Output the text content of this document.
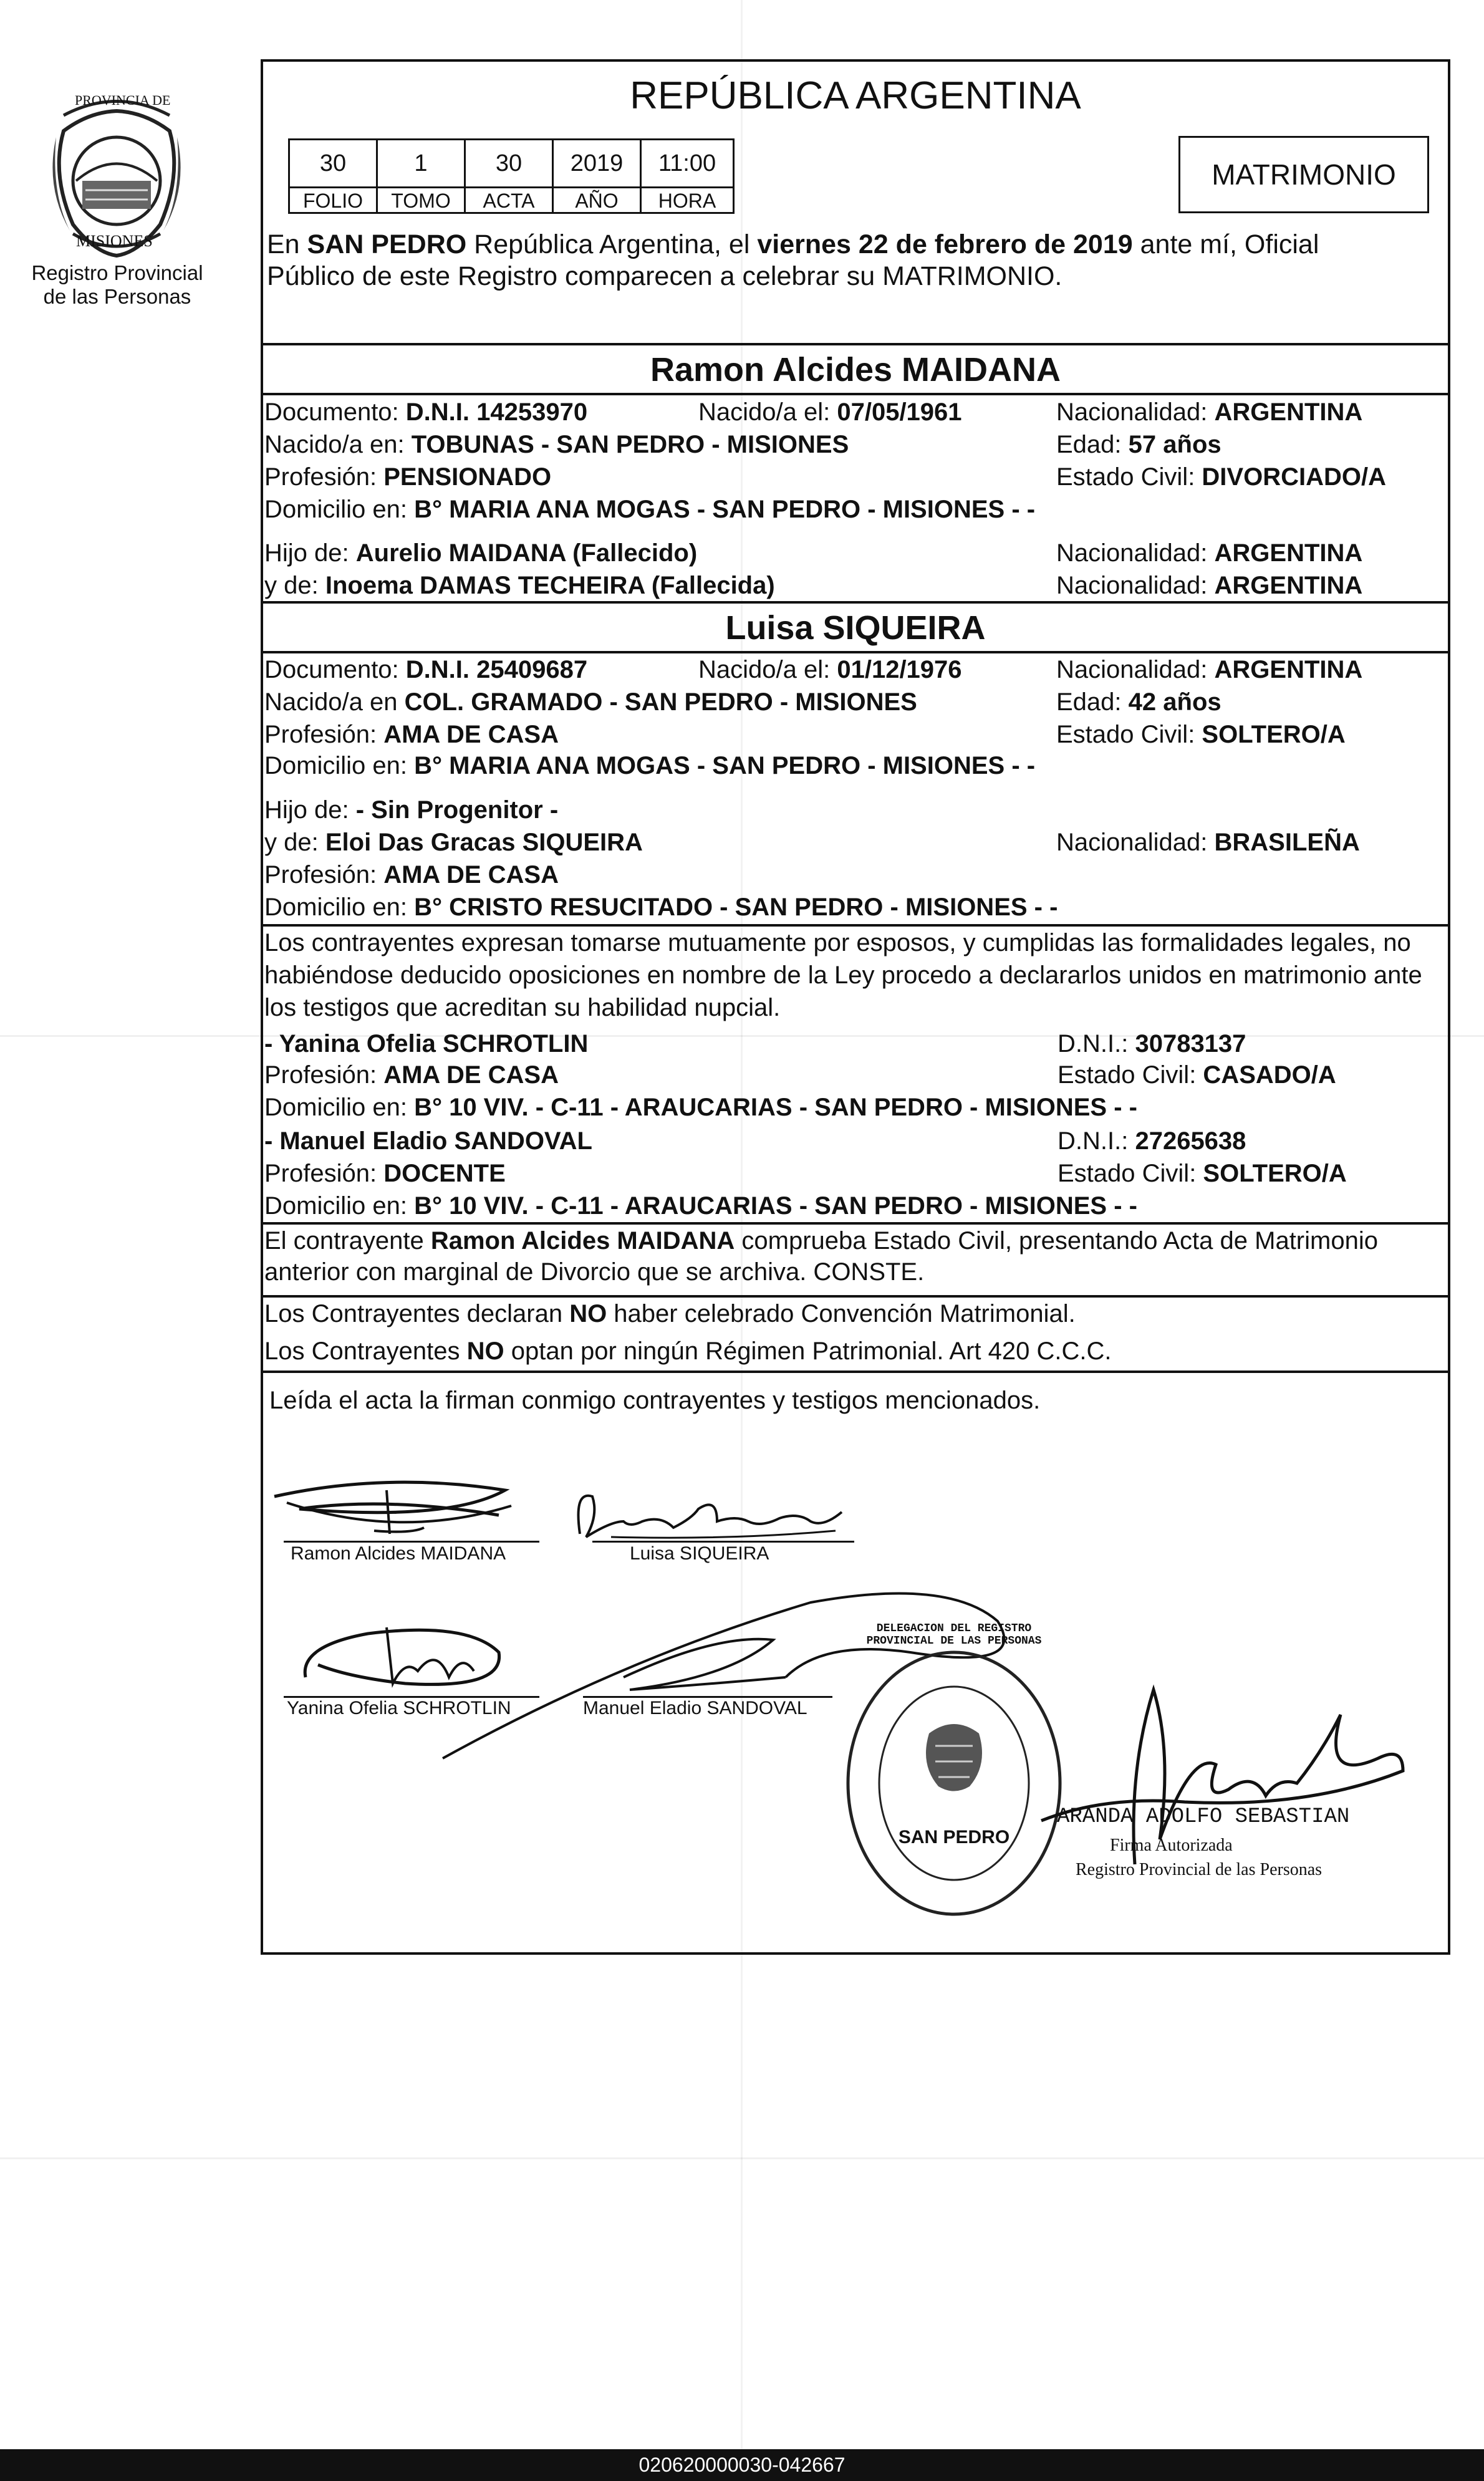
PROVINCIA DE
MISIONES
Registro Provincial
de las Personas
REPÚBLICA ARGENTINA
30	1	30	2019	11:00
FOLIO	TOMO	ACTA	AÑO	HORA
MATRIMONIO
En SAN PEDRO República Argentina, el viernes 22 de febrero de 2019 ante mí, Oficial
Público de este Registro comparecen a celebrar su MATRIMONIO.
Ramon Alcides MAIDANA
Documento: D.N.I. 14253970	Nacido/a el: 07/05/1961	Nacionalidad: ARGENTINA
Nacido/a en: TOBUNAS - SAN PEDRO - MISIONES	Edad: 57 años
Profesión: PENSIONADO	Estado Civil: DIVORCIADO/A
Domicilio en: B° MARIA ANA MOGAS - SAN PEDRO - MISIONES - -
Hijo de: Aurelio MAIDANA (Fallecido)	Nacionalidad: ARGENTINA
y de: Inoema DAMAS TECHEIRA (Fallecida)	Nacionalidad: ARGENTINA
Luisa SIQUEIRA
Documento: D.N.I. 25409687	Nacido/a el: 01/12/1976	Nacionalidad: ARGENTINA
Nacido/a en COL. GRAMADO - SAN PEDRO - MISIONES	Edad: 42 años
Profesión: AMA DE CASA	Estado Civil: SOLTERO/A
Domicilio en: B° MARIA ANA MOGAS - SAN PEDRO - MISIONES - -
Hijo de: - Sin Progenitor -
y de: Eloi Das Gracas SIQUEIRA	Nacionalidad: BRASILEÑA
Profesión: AMA DE CASA
Domicilio en: B° CRISTO RESUCITADO - SAN PEDRO - MISIONES - -
Los contrayentes expresan tomarse mutuamente por esposos, y cumplidas las formalidades legales, no
habiéndose deducido oposiciones en nombre de la Ley procedo a declararlos unidos en matrimonio ante
los testigos que acreditan su habilidad nupcial.
- Yanina Ofelia SCHROTLIN	D.N.I.: 30783137
Profesión: AMA DE CASA	Estado Civil: CASADO/A
Domicilio en: B° 10 VIV. - C-11 - ARAUCARIAS - SAN PEDRO - MISIONES - -
- Manuel Eladio SANDOVAL	D.N.I.: 27265638
Profesión: DOCENTE	Estado Civil: SOLTERO/A
Domicilio en: B° 10 VIV. - C-11 - ARAUCARIAS - SAN PEDRO - MISIONES - -
El contrayente Ramon Alcides MAIDANA comprueba Estado Civil, presentando Acta de Matrimonio
anterior con marginal de Divorcio que se archiva. CONSTE.
Los Contrayentes declaran NO haber celebrado Convención Matrimonial.
Los Contrayentes NO optan por ningún Régimen Patrimonial. Art 420 C.C.C.
Leída el acta la firman conmigo contrayentes y testigos mencionados.
Ramon Alcides MAIDANA	Luisa SIQUEIRA
Yanina Ofelia SCHROTLIN	Manuel Eladio SANDOVAL
DELEGACION DEL REGISTRO PROVINCIAL DE LAS PERSONAS
SAN PEDRO
ARANDA ADOLFO SEBASTIAN
Firma Autorizada
Registro Provincial de las Personas
020620000030-042667
